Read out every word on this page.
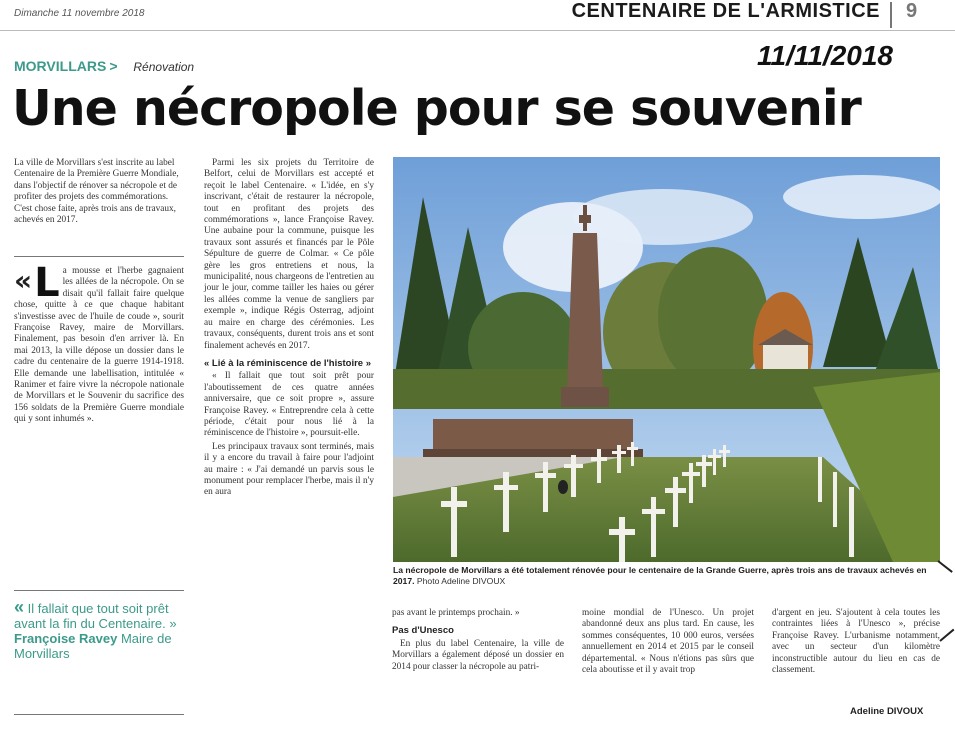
Dimanche 11 novembre 2018	CENTENAIRE DE L'ARMISTICE 9
11/11/2018
MORVILLARS > Rénovation
Une nécropole pour se souvenir
La ville de Morvillars s'est inscrite au label Centenaire de la Première Guerre Mondiale, dans l'objectif de rénover sa nécropole et de profiter des projets des commémorations. C'est chose faite, après trois ans de travaux, achevés en 2017.
« L a mousse et l'herbe gagnaient les allées de la nécropole. On se disait qu'il fallait faire quelque chose, quitte à ce que chaque habitant s'investisse avec de l'huile de coude », sourit Françoise Ravey, maire de Morvillars. Finalement, pas besoin d'en arriver là. En mai 2013, la ville dépose un dossier dans le cadre du centenaire de la guerre 1914-1918. Elle demande une labellisation, intitulée « Ranimer et faire vivre la nécropole nationale de Morvillars et le Souvenir du sacrifice des 156 soldats de la Première Guerre mondiale qui y sont inhumés ».
« Il fallait que tout soit prêt avant la fin du Centenaire. » Françoise Ravey Maire de Morvillars

Parmi les six projets du Territoire de Belfort, celui de Morvillars est accepté et reçoit le label Centenaire. « L'idée, en s'y inscrivant, c'était de restaurer la nécropole, tout en profitant des projets des commémorations », lance Françoise Ravey. Une aubaine pour la commune, puisque les travaux sont assurés et financés par le Pôle Sépulture de guerre de Colmar. « Ce pôle gère les gros entretiens et nous, la municipalité, nous chargeons de l'entretien au jour le jour, comme tailler les haies ou gérer les allées comme la venue de sangliers par exemple », indique Régis Osterrag, adjoint au maire en charge des cérémonies. Les travaux, conséquents, durent trois ans et sont finalement achevés en 2017.

« Lié à la réminiscence de l'histoire »

« Il fallait que tout soit prêt pour l'aboutissement de ces quatre années anniversaire, que ce soit propre », assure Françoise Ravey. « Entreprendre cela à cette période, c'était pour nous lié à la réminiscence de l'histoire », poursuit-elle.

Les principaux travaux sont terminés, mais il y a encore du travail à faire pour l'adjoint au maire : « J'ai demandé un parvis sous le monument pour remplacer l'herbe, mais il n'y en aura

La nécropole de Morvillars a été totalement rénovée pour le centenaire de la Grande Guerre, après trois ans de travaux achevés en 2017. Photo Adeline DIVOUX

pas avant le printemps prochain. »

Pas d'Unesco

En plus du label Centenaire, la ville de Morvillars a également déposé un dossier en 2014 pour classer la nécropole au patri-

moine mondial de l'Unesco. Un projet abandonné deux ans plus tard. En cause, les sommes conséquentes, 10 000 euros, versées annuellement en 2014 et 2015 par le conseil départemental. « Nous n'étions pas sûrs que cela aboutisse et il y avait trop

d'argent en jeu. S'ajoutent à cela toutes les contraintes liées à l'Unesco », précise Françoise Ravey. L'urbanisme notamment, avec un secteur d'un kilomètre inconstructible autour du lieu en cas de classement.

Adeline DIVOUX
